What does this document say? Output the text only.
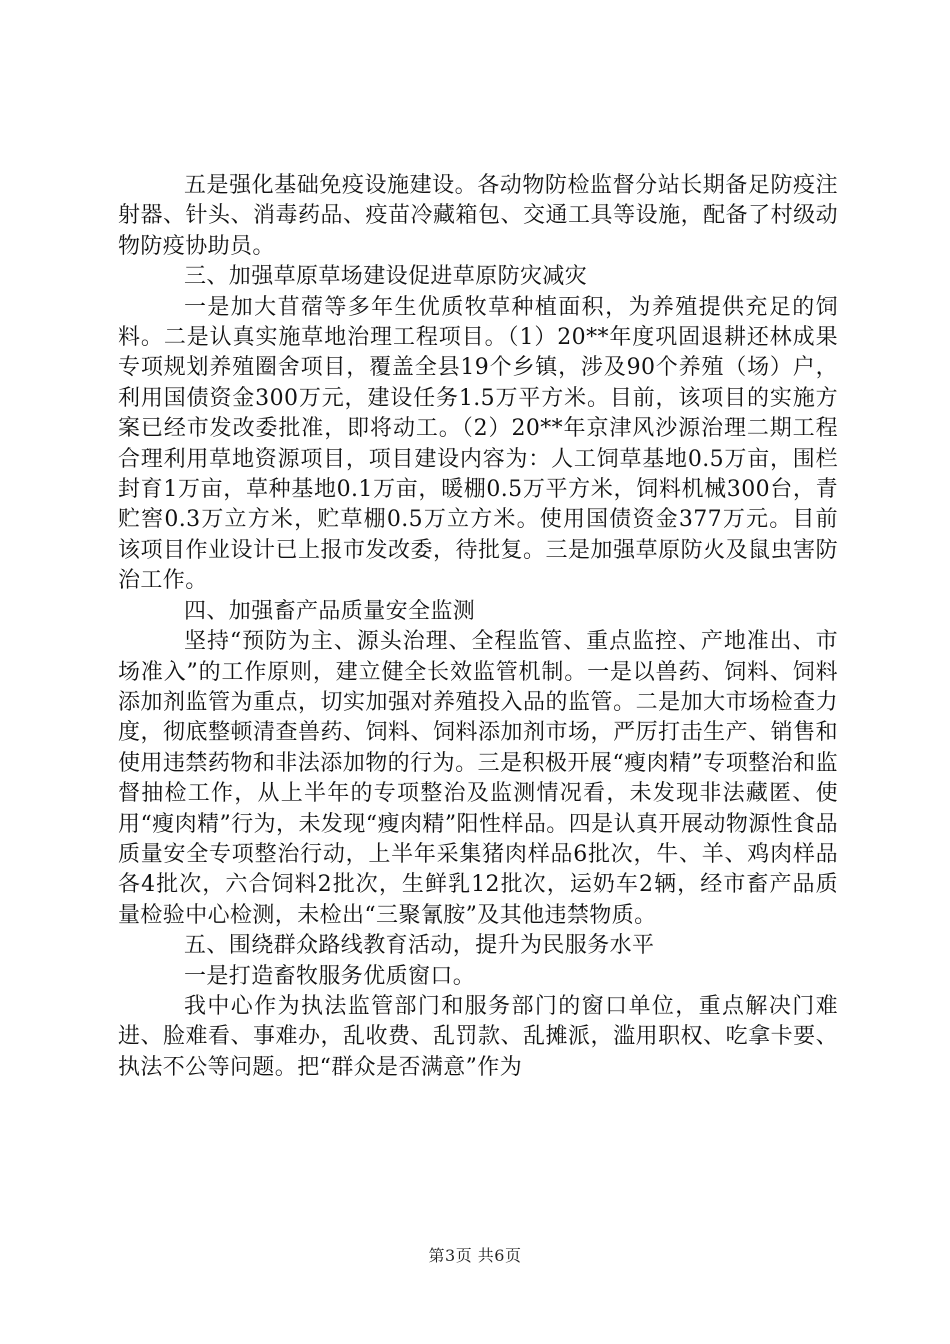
五是强化基础免疫设施建设。各动物防检监督分站长期备足防疫注射器、针头、消毒药品、疫苗冷藏箱包、交通工具等设施，配备了村级动物防疫协助员。

三、加强草原草场建设促进草原防灾减灾

一是加大苜蓿等多年生优质牧草种植面积，为养殖提供充足的饲料。二是认真实施草地治理工程项目。（1）20**年度巩固退耕还林成果专项规划养殖圈舍项目，覆盖全县19个乡镇，涉及90个养殖（场）户，利用国债资金300万元，建设任务1.5万平方米。目前，该项目的实施方案已经市发改委批准，即将动工。（2）20**年京津风沙源治理二期工程合理利用草地资源项目，项目建设内容为：人工饲草基地0.5万亩，围栏封育1万亩，草种基地0.1万亩，暖棚0.5万平方米，饲料机械300台，青贮窖0.3万立方米，贮草棚0.5万立方米。使用国债资金377万元。目前该项目作业设计已上报市发改委，待批复。三是加强草原防火及鼠虫害防治工作。

四、加强畜产品质量安全监测

坚持“预防为主、源头治理、全程监管、重点监控、产地准出、市场准入”的工作原则，建立健全长效监管机制。一是以兽药、饲料、饲料添加剂监管为重点，切实加强对养殖投入品的监管。二是加大市场检查力度，彻底整顿清查兽药、饲料、饲料添加剂市场，严厉打击生产、销售和使用违禁药物和非法添加物的行为。三是积极开展“瘦肉精”专项整治和监督抽检工作，从上半年的专项整治及监测情况看，未发现非法藏匿、使用“瘦肉精”行为，未发现“瘦肉精”阳性样品。四是认真开展动物源性食品质量安全专项整治行动，上半年采集猪肉样品6批次，牛、羊、鸡肉样品各4批次，六合饲料2批次，生鲜乳12批次，运奶车2辆，经市畜产品质量检验中心检测，未检出“三聚氰胺”及其他违禁物质。

五、围绕群众路线教育活动，提升为民服务水平

一是打造畜牧服务优质窗口。

我中心作为执法监管部门和服务部门的窗口单位，重点解决门难进、脸难看、事难办，乱收费、乱罚款、乱摊派，滥用职权、吃拿卡要、执法不公等问题。把“群众是否满意”作为

第3页 共6页
